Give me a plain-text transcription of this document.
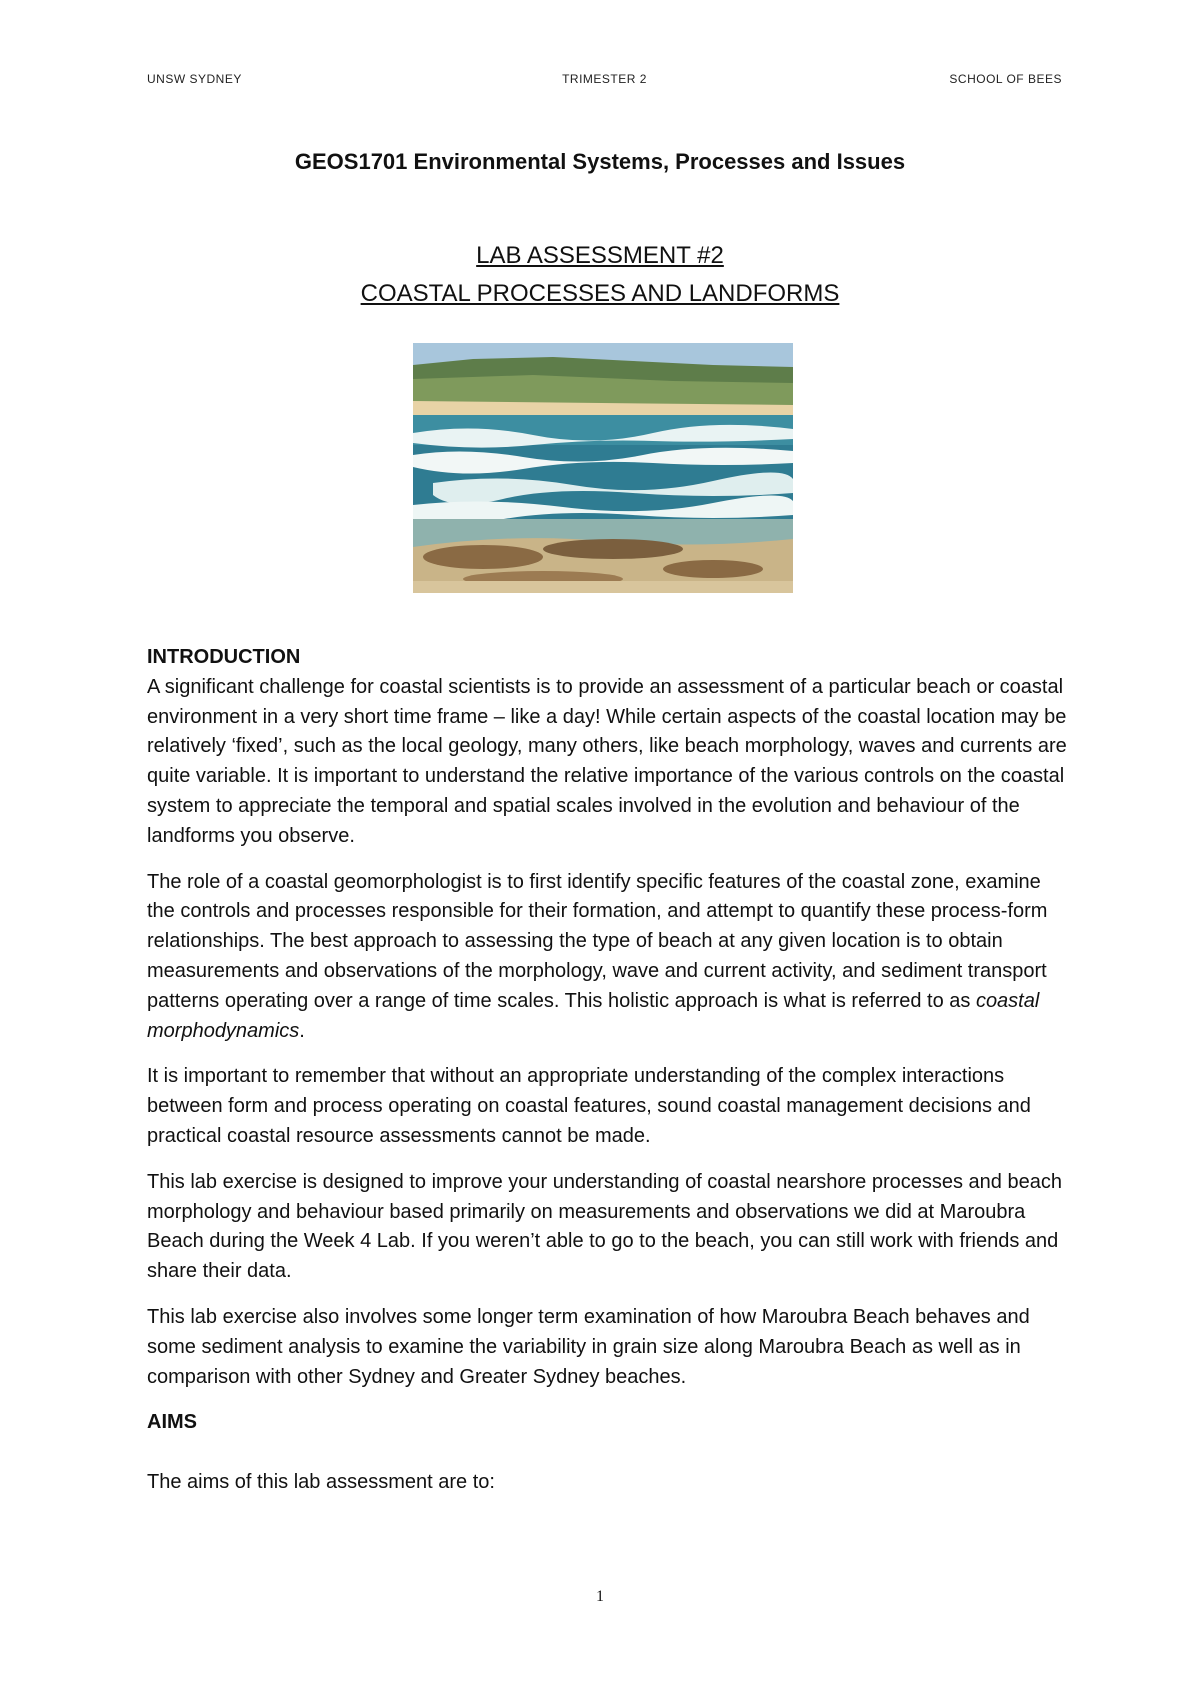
UNSW SYDNEY	TRIMESTER 2	SCHOOL OF BEES
GEOS1701 Environmental Systems, Processes and Issues
LAB ASSESSMENT #2
COASTAL PROCESSES AND LANDFORMS
INTRODUCTION

A significant challenge for coastal scientists is to provide an assessment of a particular beach or coastal environment in a very short time frame – like a day! While certain aspects of the coastal location may be relatively ‘fixed’, such as the local geology, many others, like beach morphology, waves and currents are quite variable. It is important to understand the relative importance of the various controls on the coastal system to appreciate the temporal and spatial scales involved in the evolution and behaviour of the landforms you observe.

The role of a coastal geomorphologist is to first identify specific features of the coastal zone, examine the controls and processes responsible for their formation, and attempt to quantify these process-form relationships. The best approach to assessing the type of beach at any given location is to obtain measurements and observations of the morphology, wave and current activity, and sediment transport patterns operating over a range of time scales. This holistic approach is what is referred to as coastal morphodynamics.

It is important to remember that without an appropriate understanding of the complex interactions between form and process operating on coastal features, sound coastal management decisions and practical coastal resource assessments cannot be made.

This lab exercise is designed to improve your understanding of coastal nearshore processes and beach morphology and behaviour based primarily on measurements and observations we did at Maroubra Beach during the Week 4 Lab. If you weren’t able to go to the beach, you can still work with friends and share their data.

This lab exercise also involves some longer term examination of how Maroubra Beach behaves and some sediment analysis to examine the variability in grain size along Maroubra Beach as well as in comparison with other Sydney and Greater Sydney beaches.

AIMS

The aims of this lab assessment are to:

1
